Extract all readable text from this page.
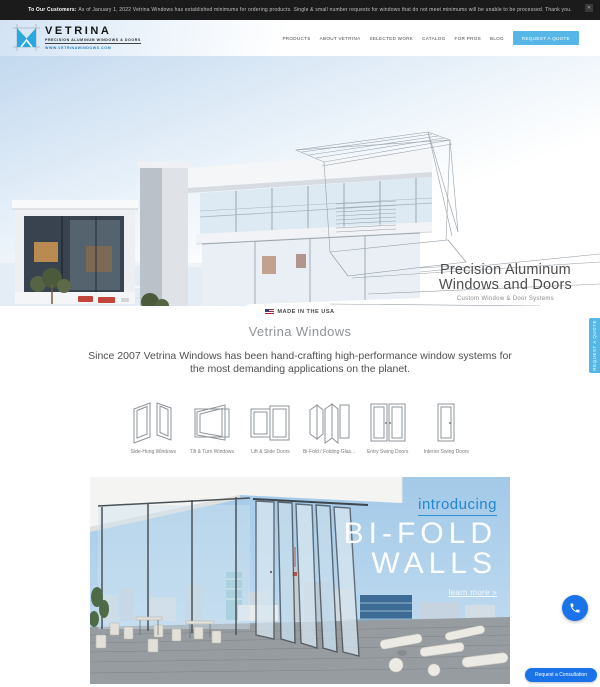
To Our Customers: As of January 1, 2022 Vetrina Windows has established minimums for ordering products. Single & small number requests for windows that do not meet minimums will be unable to be processed. Thank you.	✕
VETRINA
PRECISION ALUMINUM WINDOWS & DOORS
WWW.VETRINAWINDOWS.COM
PRODUCTS ABOUT VETRINA SELECTED WORK CATALOG FOR PROS BLOG	REQUEST A QUOTE
Precision Aluminum
Windows and Doors
Custom Window & Door Systems
MADE IN THE USA
Vetrina Windows
Since 2007 Vetrina Windows has been hand-crafting high-performance window systems for the most demanding applications on the planet.
Side-Hung Windows	Tilt & Turn Windows	Lift & Slide Doors	Bi-Fold / Folding Glas... Entry Swing Doors	Interior Swing Doors
introducing
BI-FOLD
WALLS
learn more »
REQUEST A QUOTE
Request a Consultation
